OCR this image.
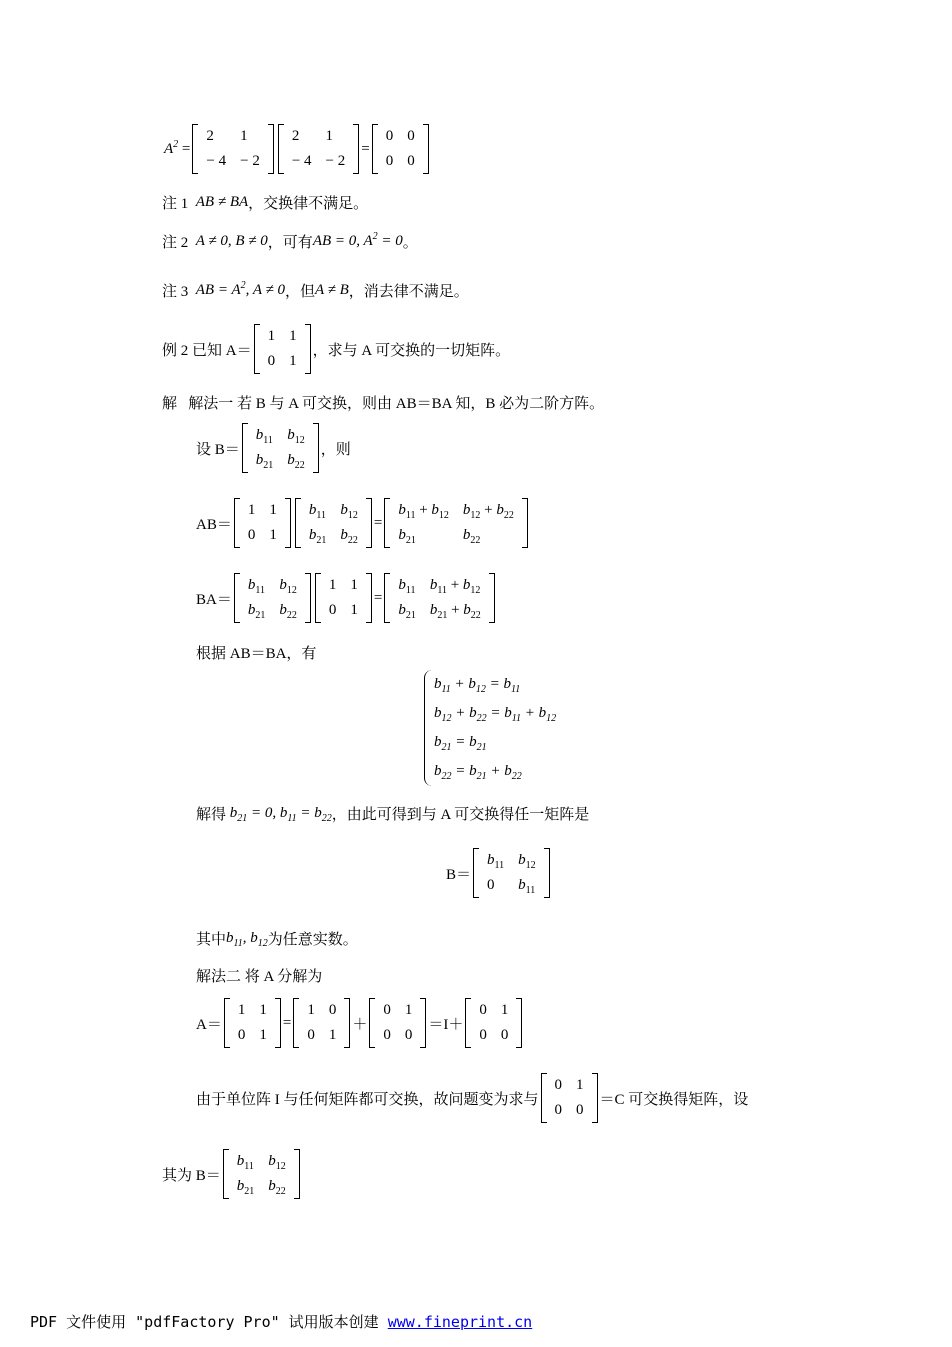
$A^2$ =
2	1
− 4	− 2
2	1
− 4	− 2
=
0	0
0	0
注 1
AB ≠ BA ，交换律不满足。
注 2
A ≠ 0, B ≠ 0 ，可有 AB = 0, $A^2 = 0$ 。
注 3
AB = $A^2$, A ≠ 0 ，但 A ≠ B ，消去律不满足。
例 2 已知 A＝
1	1
0	1
，求与 A 可交换的一切矩阵。
解
解法一 若 B 与 A 可交换，则由 AB＝BA 知，B 必为二阶方阵。
设 B＝
$b_{11}$	$b_{12}$
$b_{21}$	$b_{22}$
，则
AB＝
1	1
0	1
$b_{11}$	$b_{12}$
$b_{21}$	$b_{22}$
=
$b_{11} + b_{12}$	$b_{12} + b_{22}$
$b_{21}$	$b_{22}$
BA＝
$b_{11}$	$b_{12}$
$b_{21}$	$b_{22}$
1	1
0	1
=
$b_{11}$	$b_{11} + b_{12}$
$b_{21}$	$b_{21} + b_{22}$
根据 AB＝BA，有
$b_{11} + b_{12} = b_{11}$
$b_{12} + b_{22} = b_{11} + b_{12}$
$b_{21} = b_{21}$
$b_{22} = b_{21} + b_{22}$
解得
$b_{21} = 0$, $b_{11} = b_{22}$ ，由此可得到与 A 可交换得任一矩阵是
B＝
$b_{11}$	$b_{12}$
0	$b_{11}$
其中 $b_{11}$, $b_{12}$ 为任意实数。
解法二 将 A 分解为
A＝
1	1
0	1
=
1	0
0	1
＋
0	1
0	0
＝I＋
0	1
0	0
由于单位阵 I 与任何矩阵都可交换，故问题变为求与
0	1
0	0
＝C 可交换得矩阵，设
其为 B＝
$b_{11}$	$b_{12}$
$b_{21}$	$b_{22}$
PDF 文件使用 "pdfFactory Pro" 试用版本创建 www.fineprint.cn
